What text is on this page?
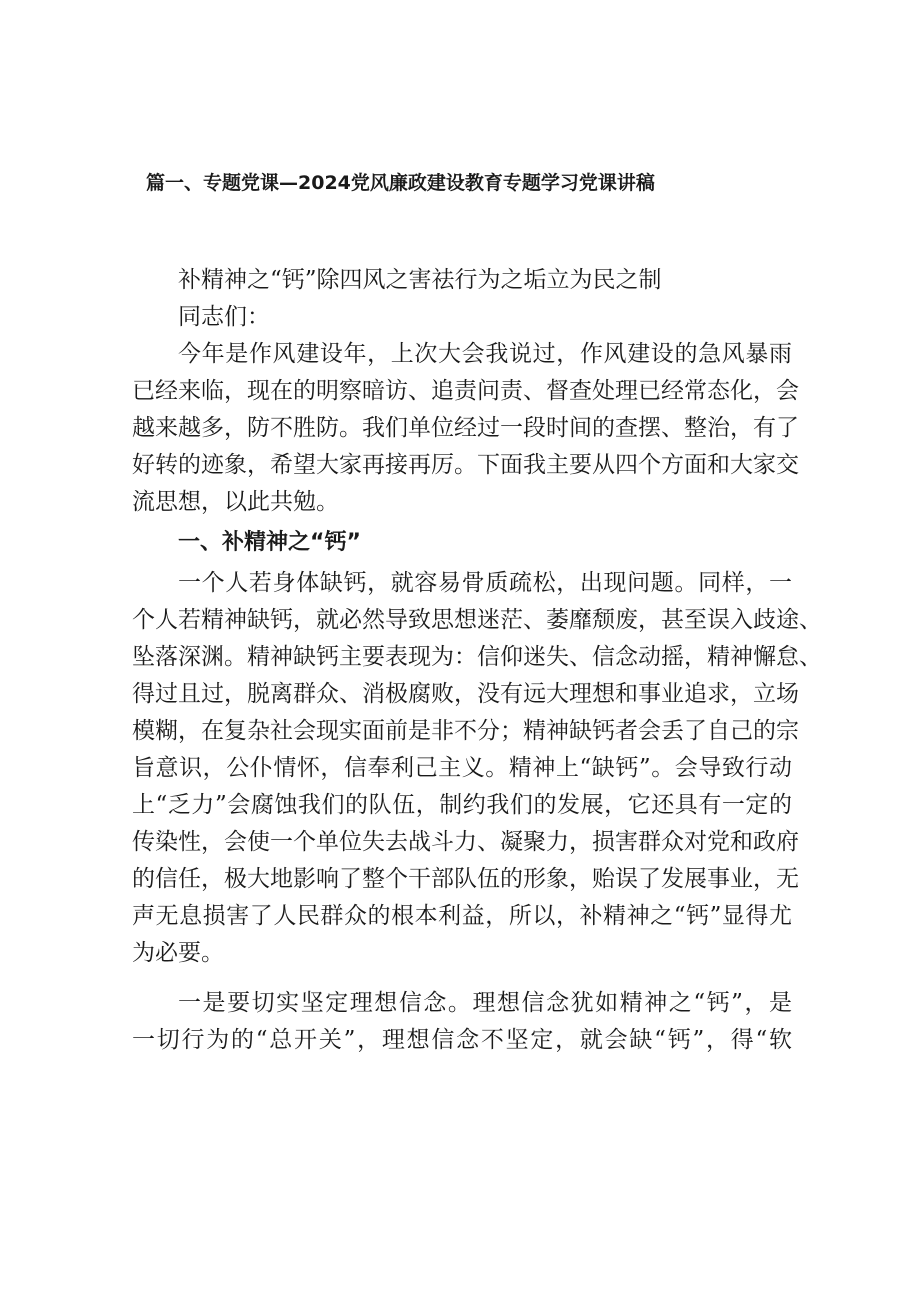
篇一、专题党课—2024党风廉政建设教育专题学习党课讲稿

补精神之“钙”除四风之害祛行为之垢立为民之制

同志们：

今年是作风建设年，上次大会我说过，作风建设的急风暴雨

已经来临，现在的明察暗访、追责问责、督查处理已经常态化，会

越来越多，防不胜防。我们单位经过一段时间的查摆、整治，有了

好转的迹象，希望大家再接再厉。下面我主要从四个方面和大家交

流思想，以此共勉。

一、补精神之“钙”

一个人若身体缺钙，就容易骨质疏松，出现问题。同样，一

个人若精神缺钙，就必然导致思想迷茫、萎靡颓废，甚至误入歧途、

坠落深渊。精神缺钙主要表现为：信仰迷失、信念动摇，精神懈怠、

得过且过，脱离群众、消极腐败，没有远大理想和事业追求，立场

模糊，在复杂社会现实面前是非不分；精神缺钙者会丢了自己的宗

旨意识，公仆情怀，信奉利己主义。精神上“缺钙”。会导致行动

上“乏力”会腐蚀我们的队伍，制约我们的发展，它还具有一定的

传染性，会使一个单位失去战斗力、凝聚力，损害群众对党和政府

的信任，极大地影响了整个干部队伍的形象，贻误了发展事业，无

声无息损害了人民群众的根本利益，所以，补精神之“钙”显得尤

为必要。

一是要切实坚定理想信念。理想信念犹如精神之“钙”，是

一切行为的“总开关”，理想信念不坚定，就会缺“钙”，得“软
